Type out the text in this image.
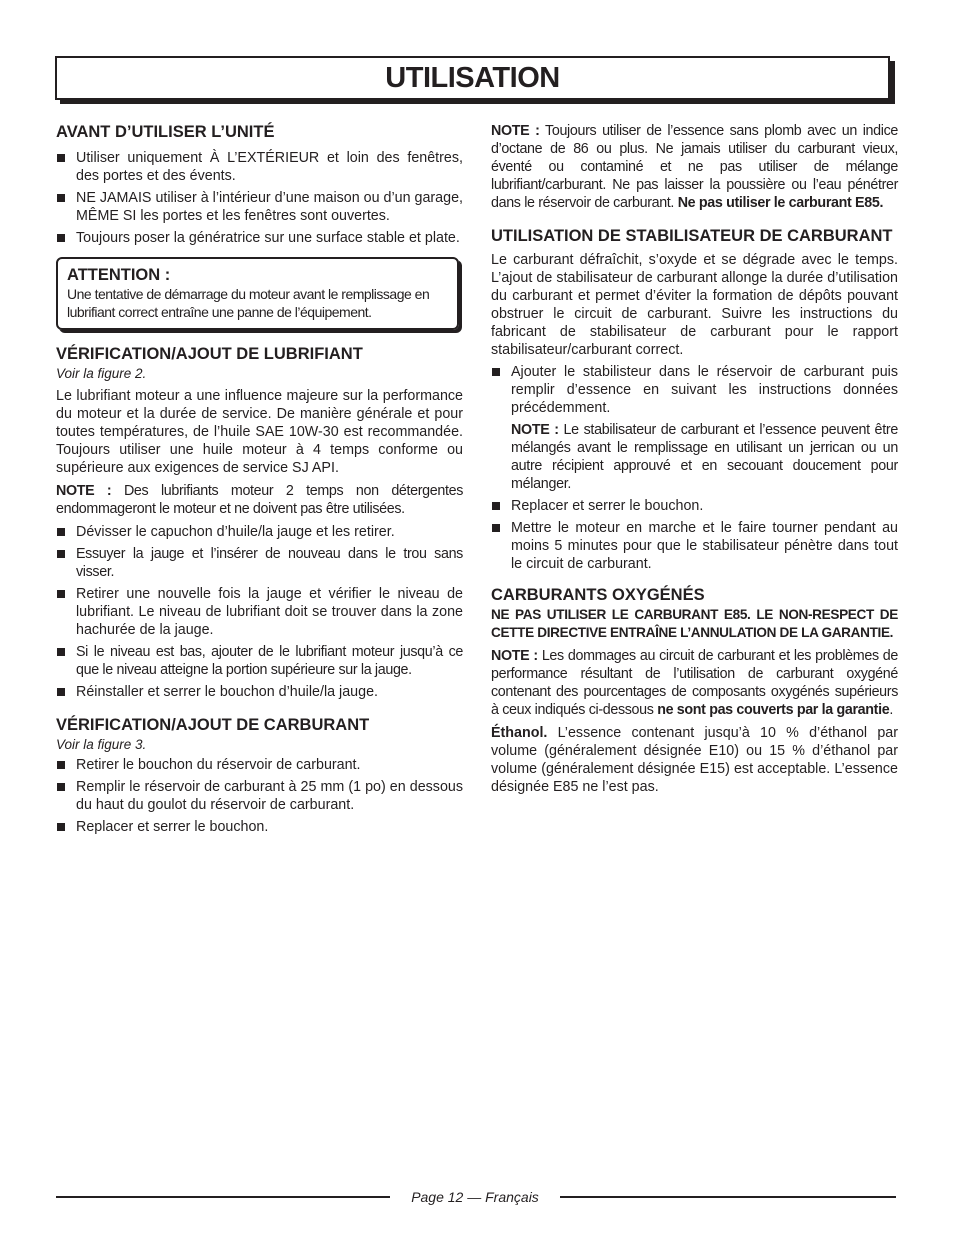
UTILISATION
AVANT D’UTILISER L’UNITÉ
Utiliser uniquement À L’EXTÉRIEUR et loin des fenêtres, des portes et des évents.
NE JAMAIS utiliser à l’intérieur d’une maison ou d’un garage, MÊME SI les portes et les fenêtres sont ouvertes.
Toujours poser la génératrice sur une surface stable et plate.
ATTENTION :
Une tentative de démarrage du moteur avant le remplissage en lubrifiant correct entraîne une panne de l’équipement.
VÉRIFICATION/AJOUT DE LUBRIFIANT
Voir la figure 2.

Le lubrifiant moteur a une influence majeure sur la performance du moteur et la durée de service. De manière générale et pour toutes températures, de l’huile SAE 10W-30 est recommandée. Toujours utiliser une huile moteur à 4 temps conforme ou supérieure aux exigences de service SJ API.

NOTE : Des lubrifiants moteur 2 temps non détergentes endommageront le moteur et ne doivent pas être utilisées.

Dévisser le capuchon d’huile/la jauge et les retirer.
Essuyer la jauge et l’insérer de nouveau dans le trou sans visser.
Retirer une nouvelle fois la jauge et vérifier le niveau de lubrifiant. Le niveau de lubrifiant doit se trouver dans la zone hachurée de la jauge.
Si le niveau est bas, ajouter de le lubrifiant moteur jusqu’à ce que le niveau atteigne la portion supérieure sur la jauge.
Réinstaller et serrer le bouchon d’huile/la jauge.
VÉRIFICATION/AJOUT DE CARBURANT
Voir la figure 3.
Retirer le bouchon du réservoir de carburant.
Remplir le réservoir de carburant à 25 mm (1 po) en dessous du haut du goulot du réservoir de carburant.
Replacer et serrer le bouchon.

NOTE : Toujours utiliser de l’essence sans plomb avec un indice d’octane de 86 ou plus. Ne jamais utiliser du carburant vieux, éventé ou contaminé et ne pas utiliser de mélange lubrifiant/carburant. Ne pas laisser la poussière ou l’eau pénétrer dans le réservoir de carburant. Ne pas utiliser le carburant E85.

UTILISATION DE STABILISATEUR DE CARBURANT

Le carburant défraîchit, s’oxyde et se dégrade avec le temps. L’ajout de stabilisateur de carburant allonge la durée d’utilisation du carburant et permet d’éviter la formation de dépôts pouvant obstruer le circuit de carburant. Suivre les instructions du fabricant de stabilisateur de carburant pour le rapport stabilisateur/carburant correct.

Ajouter le stabilisteur dans le réservoir de carburant puis remplir d’essence en suivant les instructions données précédemment.

NOTE : Le stabilisateur de carburant et l’essence peuvent être mélangés avant le remplissage en utilisant un jerrican ou un autre récipient approuvé et en secouant doucement pour mélanger.

Replacer et serrer le bouchon.
Mettre le moteur en marche et le faire tourner pendant au moins 5 minutes pour que le stabilisateur pénètre dans tout le circuit de carburant.
CARBURANTS OXYGÉNÉS

NE PAS UTILISER LE CARBURANT E85. LE NON-RESPECT DE CETTE DIRECTIVE ENTRAÎNE L’ANNULATION DE LA GARANTIE.

NOTE : Les dommages au circuit de carburant et les problèmes de performance résultant de l’utilisation de carburant oxygéné contenant des pourcentages de composants oxygénés supérieurs à ceux indiqués ci-dessous ne sont pas couverts par la garantie.

Éthanol. L’essence contenant jusqu’à 10 % d’éthanol par volume (généralement désignée E10) ou 15 % d’éthanol par volume (généralement désignée E15) est acceptable. L’essence désignée E85 ne l’est pas.

Page 12 — Français
